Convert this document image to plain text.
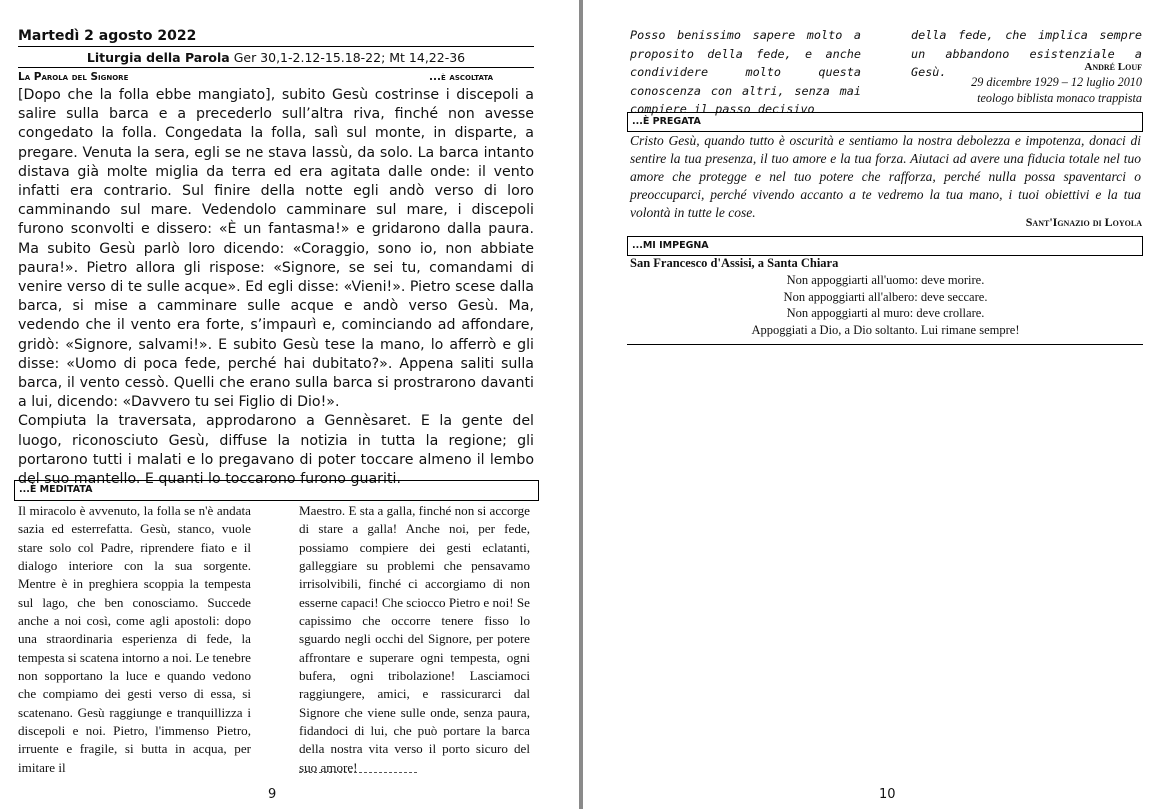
Martedì 2 agosto 2022
Liturgia della Parola Ger 30,1-2.12-15.18-22; Mt 14,22-36
La Parola del Signore	...è ascoltata

[Dopo che la folla ebbe mangiato], subito Gesù costrinse i discepoli a salire sulla barca e a precederlo sull’altra riva, finché non avesse congedato la folla. Congedata la folla, salì sul monte, in disparte, a pregare. Venuta la sera, egli se ne stava lassù, da solo. La barca intanto distava già molte miglia da terra ed era agitata dalle onde: il vento infatti era contrario. Sul finire della notte egli andò verso di loro camminando sul mare. Vedendolo camminare sul mare, i discepoli furono sconvolti e dissero: «È un fantasma!» e gridarono dalla paura. Ma subito Gesù parlò loro dicendo: «Coraggio, sono io, non abbiate paura!». Pietro allora gli rispose: «Signore, se sei tu, comandami di venire verso di te sulle acque». Ed egli disse: «Vieni!». Pietro scese dalla barca, si mise a camminare sulle acque e andò verso Gesù. Ma, vedendo che il vento era forte, s’impaurì e, cominciando ad affondare, gridò: «Signore, salvami!». E subito Gesù tese la mano, lo afferrò e gli disse: «Uomo di poca fede, perché hai dubitato?». Appena saliti sulla barca, il vento cessò. Quelli che erano sulla barca si prostrarono davanti a lui, dicendo: «Davvero tu sei Figlio di Dio!».

Compiuta la traversata, approdarono a Gennèsaret. E la gente del luogo, riconosciuto Gesù, diffuse la notizia in tutta la regione; gli portarono tutti i malati e lo pregavano di poter toccare almeno il lembo del suo mantello. E quanti lo toccarono furono guariti.

...È MEDITATA
Il miracolo è avvenuto, la folla se n'è andata sazia ed esterrefatta. Gesù, stanco, vuole stare solo col Padre, riprendere fiato e il dialogo interiore con la sua sorgente. Mentre è in preghiera scoppia la tempesta sul lago, che ben conosciamo. Succede anche a noi così, come agli apostoli: dopo una straordinaria esperienza di fede, la tempesta si scatena intorno a noi. Le tenebre non sopportano la luce e quando vedono che compiamo dei gesti verso di essa, si scatenano. Gesù raggiunge e tranquillizza i discepoli e noi. Pietro, l'immenso Pietro, irruente e fragile, si butta in acqua, per imitare il
Maestro. E sta a galla, finché non si accorge di stare a galla! Anche noi, per fede, possiamo compiere dei gesti eclatanti, galleggiare su problemi che pensavamo irrisolvibili, finché ci accorgiamo di non esserne capaci! Che sciocco Pietro e noi! Se capissimo che occorre tenere fisso lo sguardo negli occhi del Signore, per potere affrontare e superare ogni tempesta, ogni bufera, ogni tribolazione! Lasciamoci raggiungere, amici, e rassicurarci dal Signore che viene sulle onde, senza paura, fidandoci di lui, che può portare la barca della nostra vita verso il porto sicuro del suo amore!
9
Posso benissimo sapere molto a proposito della fede, e anche condividere molto questa conoscenza con altri, senza mai compiere il passo decisivo
della fede, che implica sempre un abbandono esistenziale a Gesù.	André Louf
29 dicembre 1929 – 12 luglio 2010
teologo biblista monaco trappista
...È PREGATA
Cristo Gesù, quando tutto è oscurità e sentiamo la nostra debolezza e impotenza, donaci di sentire la tua presenza, il tuo amore e la tua forza. Aiutaci ad avere una fiducia totale nel tuo amore che protegge e nel tuo potere che rafforza, perché nulla possa spaventarci o preoccuparci, perché vivendo accanto a te vedremo la tua mano, i tuoi obiettivi e la tua volontà in tutte le cose.
Sant'Ignazio di Loyola
...MI IMPEGNA
San Francesco d'Assisi, a Santa Chiara
Non appoggiarti all'uomo: deve morire.
Non appoggiarti all'albero: deve seccare.
Non appoggiarti al muro: deve crollare.
Appoggiati a Dio, a Dio soltanto. Lui rimane sempre!
10
